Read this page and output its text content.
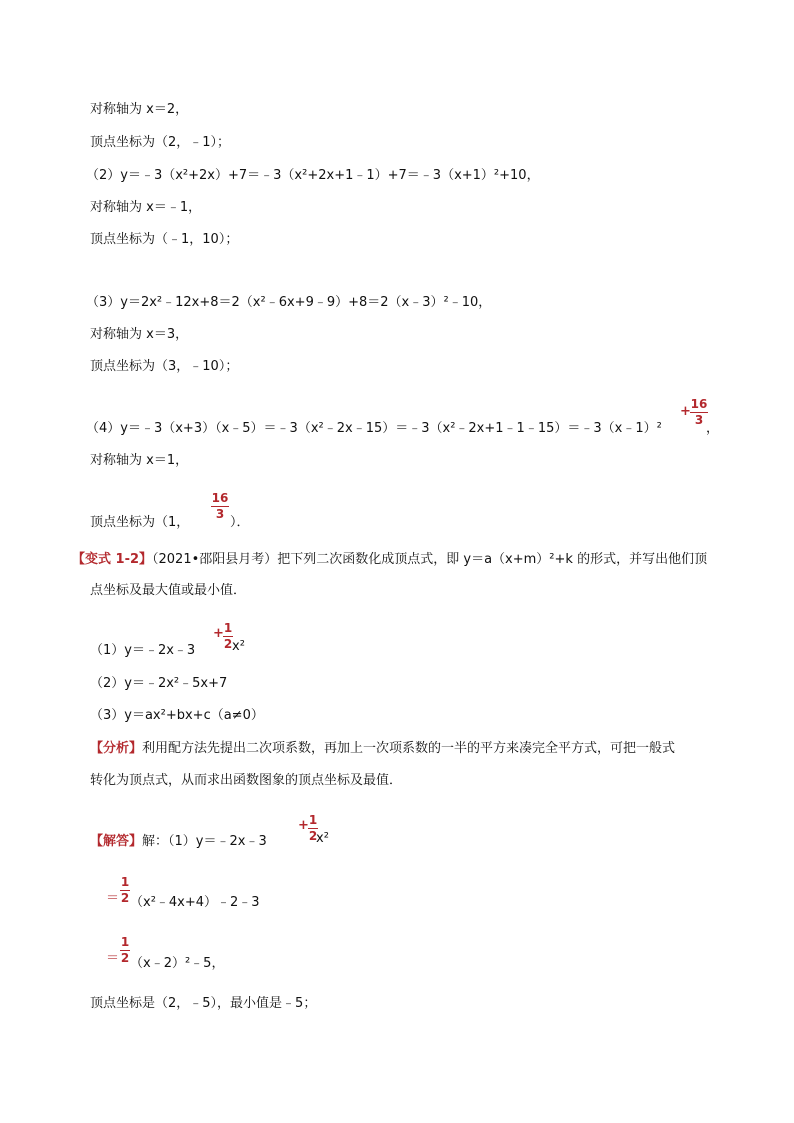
对称轴为 x＝2，
顶点坐标为（2，﹣1）；
（2）y＝﹣3（x²+2x）+7＝﹣3（x²+2x+1﹣1）+7＝﹣3（x+1）²+10，
对称轴为 x＝﹣1，
顶点坐标为（﹣1，10）；
（3）y＝2x²﹣12x+8＝2（x²﹣6x+9﹣9）+8＝2（x﹣3）²﹣10，
对称轴为 x＝3，
顶点坐标为（3，﹣10）；
（4）y＝﹣3（x+3）（x﹣5）＝﹣3（x²﹣2x﹣15）＝﹣3（x²﹣2x+1﹣1﹣15）＝﹣3（x﹣1）²
+ 16
3
，
对称轴为 x＝1，
顶点坐标为（1，
16
3
）．
【变式 1-2】（2021•邵阳县月考）把下列二次函数化成顶点式，即 y＝a（x+m）²+k 的形式，并写出他们顶
点坐标及最大值或最小值．
（1）y＝﹣2x﹣3
+ 1
2 x²
（2）y＝﹣2x²﹣5x+7
（3）y＝ax²+bx+c（a≠0）
【分析】利用配方法先提出二次项系数，再加上一次项系数的一半的平方来凑完全平方式，可把一般式
转化为顶点式，从而求出函数图象的顶点坐标及最值．
【解答】解：（1）y＝﹣2x﹣3
+ 1
2
x²
＝
1
2 （x²﹣4x+4）﹣2﹣3
＝
1
2 （x﹣2）²﹣5，
顶点坐标是（2，﹣5），最小值是﹣5；
